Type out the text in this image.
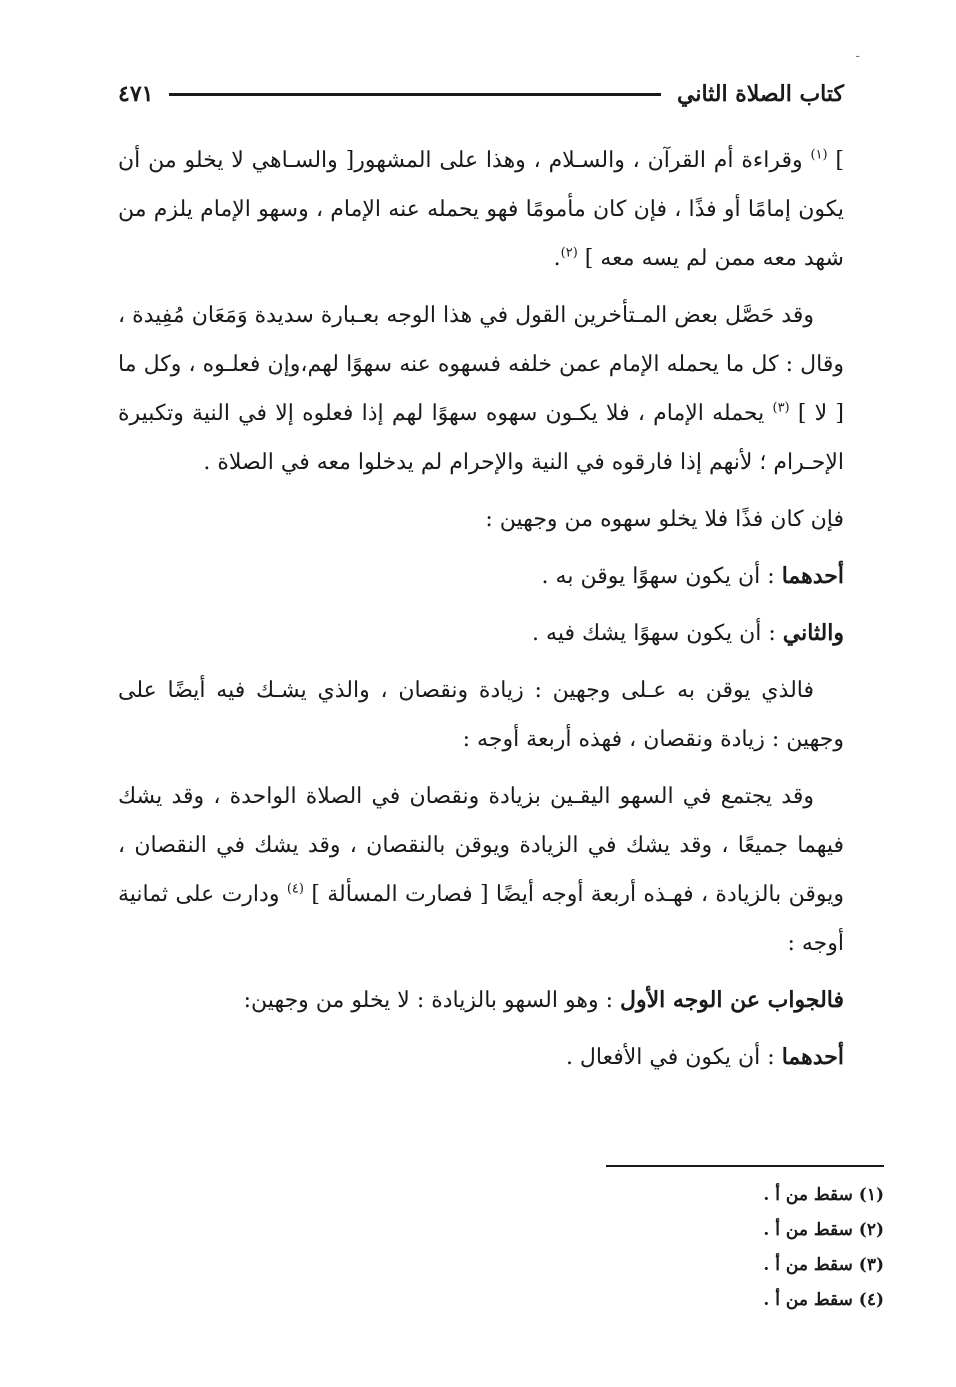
-
كتاب الصلاة الثاني
٤٧١

] $^{(١)}$ وقراءة أم القرآن ، والسـلام ، وهذا على المشهور[ والسـاهي لا يخلو من أن يكون إمامًا أو فذًا ، فإن كان مأمومًا فهو يحمله عنه الإمام ، وسهو الإمام يلزم من شهد معه ممن لم يسه معه ] $^{(٢)}$.

وقد حَصَّل بعض المـتأخرين القول في هذا الوجه بعـبارة سديدة وَمَعَان مُفِيدة ، وقال : كل ما يحمله الإمام عمن خلفه فسهوه عنه سهوًا لهم،وإن فعلـوه ، وكل ما [ لا ] $^{(٣)}$ يحمله الإمام ، فلا يكـون سهوه سهوًا لهم إذا فعلوه إلا في النية وتكبيرة الإحـرام ؛ لأنهم إذا فارقوه في النية والإحرام لم يدخلوا معه في الصلاة .

فإن كان فذًا فلا يخلو سهوه من وجهين :

أحدهما : أن يكون سهوًا يوقن به .

والثاني : أن يكون سهوًا يشك فيه .

فالذي يوقن به عـلى وجهين : زيادة ونقصان ، والذي يشـك فيه أيضًا على وجهين : زيادة ونقصان ، فهذه أربعة أوجه :

وقد يجتمع في السهو اليقـين بزيادة ونقصان في الصلاة الواحدة ، وقد يشك فيهما جميعًا ، وقد يشك في الزيادة ويوقن بالنقصان ، وقد يشك في النقصان ، ويوقن بالزيادة ، فهـذه أربعة أوجه أيضًا [ فصارت المسألة ] $^{(٤)}$ ودارت على ثمانية أوجه :

فالجواب عن الوجه الأول : وهو السهو بالزيادة : لا يخلو من وجهين:

أحدهما : أن يكون في الأفعال .

(١) سقط من أ .

(٢) سقط من أ .

(٣) سقط من أ .

(٤) سقط من أ .
